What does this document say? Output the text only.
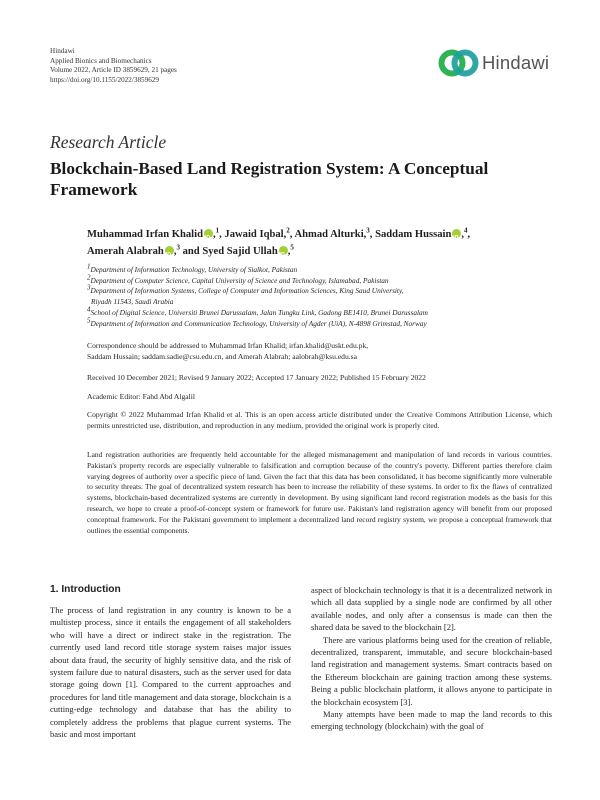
Hindawi
Applied Bionics and Biomechanics
Volume 2022, Article ID 3859629, 21 pages
https://doi.org/10.1155/2022/3859629
Hindawi
Research Article
Blockchain-Based Land Registration System: A Conceptual Framework
Muhammad Irfan Khalid iD ,$^1$, Jawaid Iqbal,$^2$, Ahmad Alturki,$^3$, Saddam Hussain iD ,$^4$,
Amerah Alabrah iD ,$^3$ and Syed Sajid Ullah iD ,$^5$
$^1$Department of Information Technology, University of Sialkot, Pakistan
$^2$Department of Computer Science, Capital University of Science and Technology, Islamabad, Pakistan
$^3$Department of Information Systems, College of Computer and Information Sciences, King Saud University,
Riyadh 11543, Saudi Arabia
$^4$School of Digital Science, Universiti Brunei Darussalam, Jalan Tungku Link, Gadong BE1410, Brunei Darussalam
$^5$Department of Information and Communication Technology, University of Agder (UiA), N-4898 Grimstad, Norway
Correspondence should be addressed to Muhammad Irfan Khalid; irfan.khalid@uskt.edu.pk,
Saddam Hussain; saddam.sadie@csu.edu.cn, and Amerah Alabrah; aalobrah@ksu.edu.sa
Received 10 December 2021; Revised 9 January 2022; Accepted 17 January 2022; Published 15 February 2022
Academic Editor: Fahd Abd Algalil
Copyright © 2022 Muhammad Irfan Khalid et al. This is an open access article distributed under the Creative Commons Attribution License, which permits unrestricted use, distribution, and reproduction in any medium, provided the original work is properly cited.
Land registration authorities are frequently held accountable for the alleged mismanagement and manipulation of land records in various countries. Pakistan's property records are especially vulnerable to falsification and corruption because of the country's poverty. Different parties therefore claim varying degrees of authority over a specific piece of land. Given the fact that this data has been consolidated, it has become significantly more vulnerable to security threats. The goal of decentralized system research has been to increase the reliability of these systems. In order to fix the flaws of centralized systems, blockchain-based decentralized systems are currently in development. By using significant land record registration models as the basis for this research, we hope to create a proof-of-concept system or framework for future use. Pakistan's land registration agency will benefit from our proposed conceptual framework. For the Pakistani government to implement a decentralized land record registry system, we propose a conceptual framework that outlines the essential components.
1. Introduction

The process of land registration in any country is known to be a multistep process, since it entails the engagement of all stakeholders who will have a direct or indirect stake in the registration. The currently used land record title storage system raises major issues about data fraud, the security of highly sensitive data, and the risk of system failure due to natural disasters, such as the server used for data storage going down [1]. Compared to the current approaches and procedures for land title management and data storage, blockchain is a cutting-edge technology and database that has the ability to completely address the problems that plague current systems. The basic and most important

aspect of blockchain technology is that it is a decentralized network in which all data supplied by a single node are confirmed by all other available nodes, and only after a consensus is made can then the shared data be saved to the blockchain [2].

There are various platforms being used for the creation of reliable, decentralized, transparent, immutable, and secure blockchain-based land registration and management systems. Smart contracts based on the Ethereum blockchain are gaining traction among these systems. Being a public blockchain platform, it allows anyone to participate in the blockchain ecosystem [3].

Many attempts have been made to map the land records to this emerging technology (blockchain) with the goal of
